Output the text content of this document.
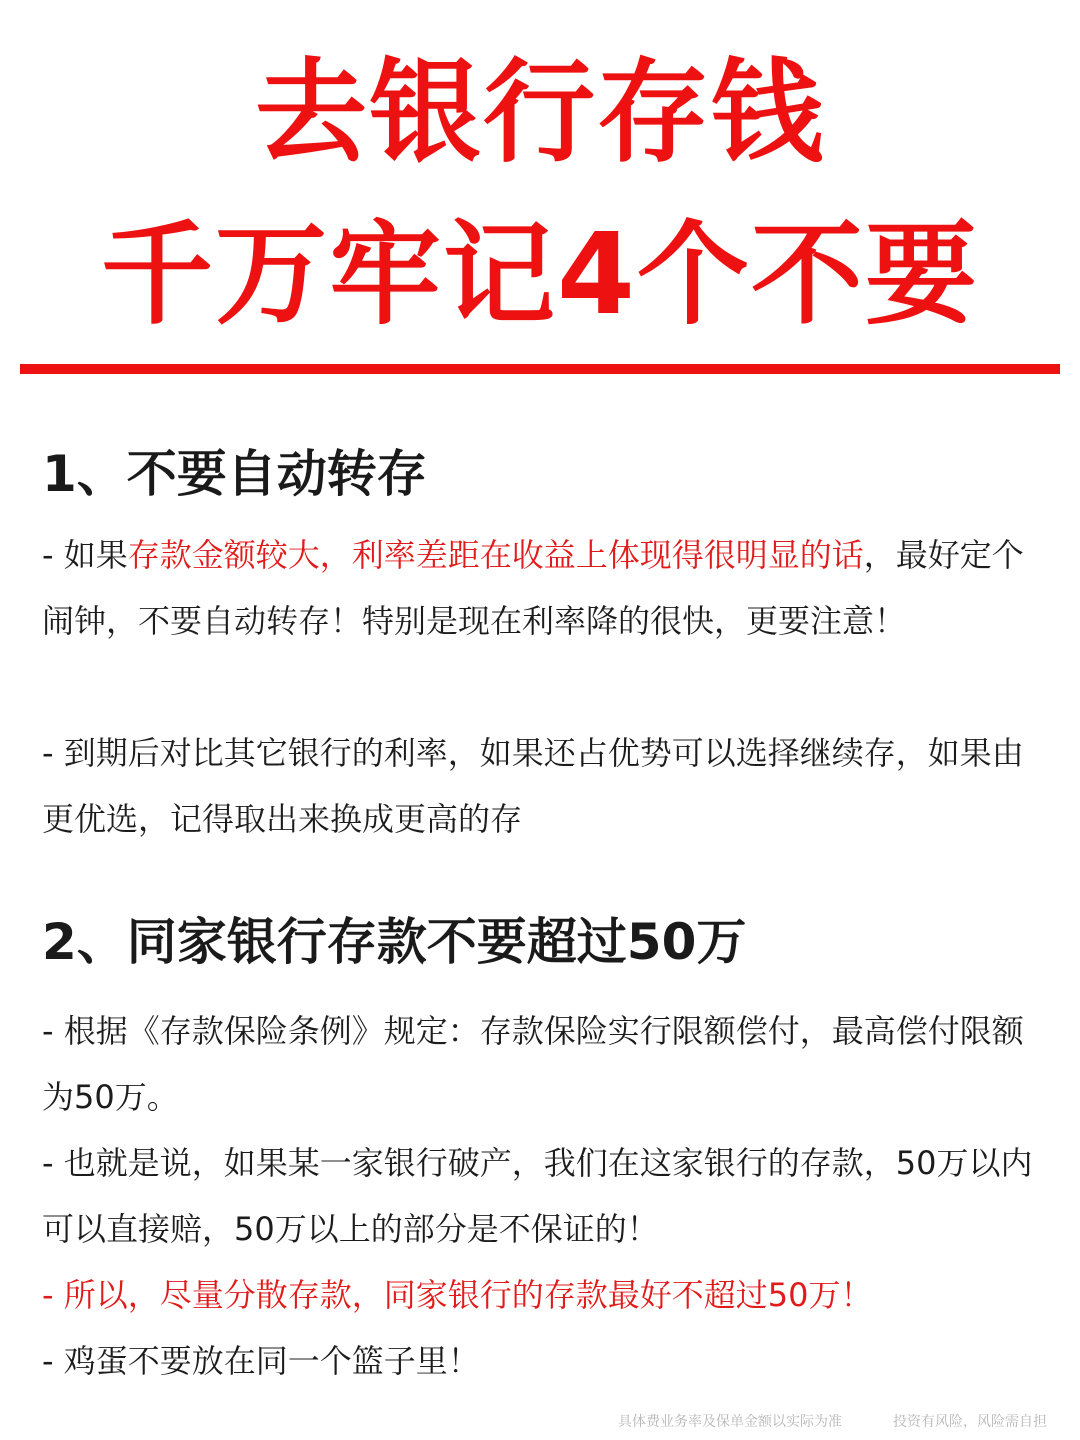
去银行存钱
千万牢记4个不要
1、不要自动转存
- 如果存款金额较大，利率差距在收益上体现得很明显的话，最好定个闹钟，不要自动转存！特别是现在利率降的很快，更要注意！
- 到期后对比其它银行的利率，如果还占优势可以选择继续存，如果由更优选，记得取出来换成更高的存
2、同家银行存款不要超过50万
- 根据《存款保险条例》规定：存款保险实行限额偿付，最高偿付限额为50万。
- 也就是说，如果某一家银行破产，我们在这家银行的存款，50万以内可以直接赔，50万以上的部分是不保证的！
- 所以，尽量分散存款，同家银行的存款最好不超过50万！
- 鸡蛋不要放在同一个篮子里！
具体费业务率及保单金额以实际为准	投资有风险，风险需自担
